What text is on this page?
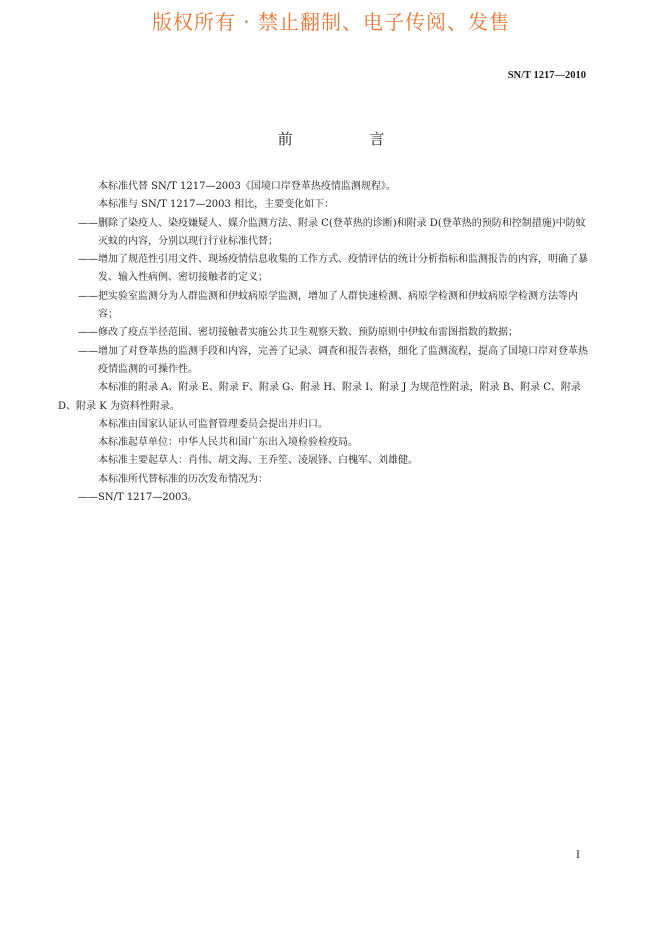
版权所有 · 禁止翻制、电子传阅、发售
SN/T 1217—2010
前 言

本标准代替 SN/T 1217—2003《国境口岸登革热疫情监测规程》。

本标准与 SN/T 1217—2003 相比，主要变化如下：

—— 删除了染疫人、染疫嫌疑人、媒介监测方法、附录 C(登革热的诊断)和附录 D(登革热的预防和控制措施)中防蚊灭蚊的内容，分别以现行行业标准代替；
—— 增加了规范性引用文件、现场疫情信息收集的工作方式、疫情评估的统计分析指标和监测报告的内容，明确了暴发、输入性病例、密切接触者的定义；
—— 把实验室监测分为人群监测和伊蚊病原学监测，增加了人群快速检测、病原学检测和伊蚊病原学检测方法等内容；
—— 修改了疫点半径范围、密切接触者实施公共卫生观察天数、预防原则中伊蚊布雷图指数的数据；
—— 增加了对登革热的监测手段和内容，完善了记录、调查和报告表格，细化了监测流程，提高了国境口岸对登革热疫情监测的可操作性。

本标准的附录 A、附录 E、附录 F、附录 G、附录 H、附录 I、附录 J 为规范性附录，附录 B、附录 C、附录 D、附录 K 为资料性附录。

本标准由国家认证认可监督管理委员会提出并归口。

本标准起草单位：中华人民共和国广东出入境检验检疫局。

本标准主要起草人：肖伟、胡文海、王乔笙、凌展锋、白槐军、刘雄健。

本标准所代替标准的历次发布情况为：

—— SN/T 1217—2003。
I
